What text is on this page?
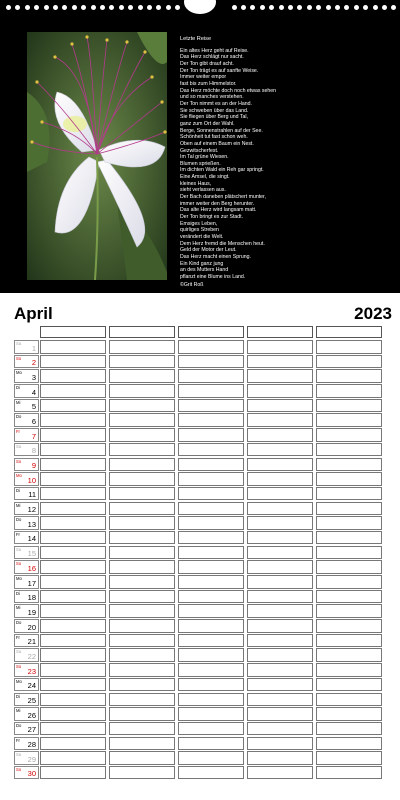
Letzte Reise
Ein altes Herz geht auf Reise.
Das Herz schlägt nur sacht.
Der Ton gibt drauf acht.
Der Ton trägt es auf sanfte Weise.
Immer weiter empor
fast bis zum Himmelstor.
Das Herz möchte doch noch etwas sehen
und so manches verstehen.
Der Ton nimmt es an der Hand.
Sie schweben über das Land.
Sie fliegen über Berg und Tal,
ganz zum Ort der Wahl.
Berge, Sonnenstrahlen auf der See.
Schönheit tut fast schon weh.
Oben auf einem Baum ein Nest.
Gezwitscherfest.
Im Tal grüne Wiesen.
Blumen sprießen.
Im dichten Wald ein Reh gar springt.
Eine Amsel, die singt.
kleines Haus,
sieht verlassen aus.
Der Bach daneben plätschert munter,
immer weiter den Berg herunter.
Das alte Herz wird langsam matt.
Der Ton bringt es zur Stadt.
Emsiges Leben,
quirliges Streben
verändert die Welt.
Dem Herz fremd die Menschen heut.
Geld der Motor der Leut.
Das Herz macht einen Sprung.
Ein Kind ganz jung
an des Mutters Hand
pflanzt eine Blume ins Land.
©Grit Roß
April	2023
Sa 1
So 2
Mo 3
Di 4
Mi 5
Do 6
Fr 7
Sa 8
So 9
Mo 10
Di 11
Mi 12
Do 13
Fr 14
Sa 15
So 16
Mo 17
Di 18
Mi 19
Do 20
Fr 21
Sa 22
So 23
Mo 24
Di 25
Mi 26
Do 27
Fr 28
Sa 29
So 30
